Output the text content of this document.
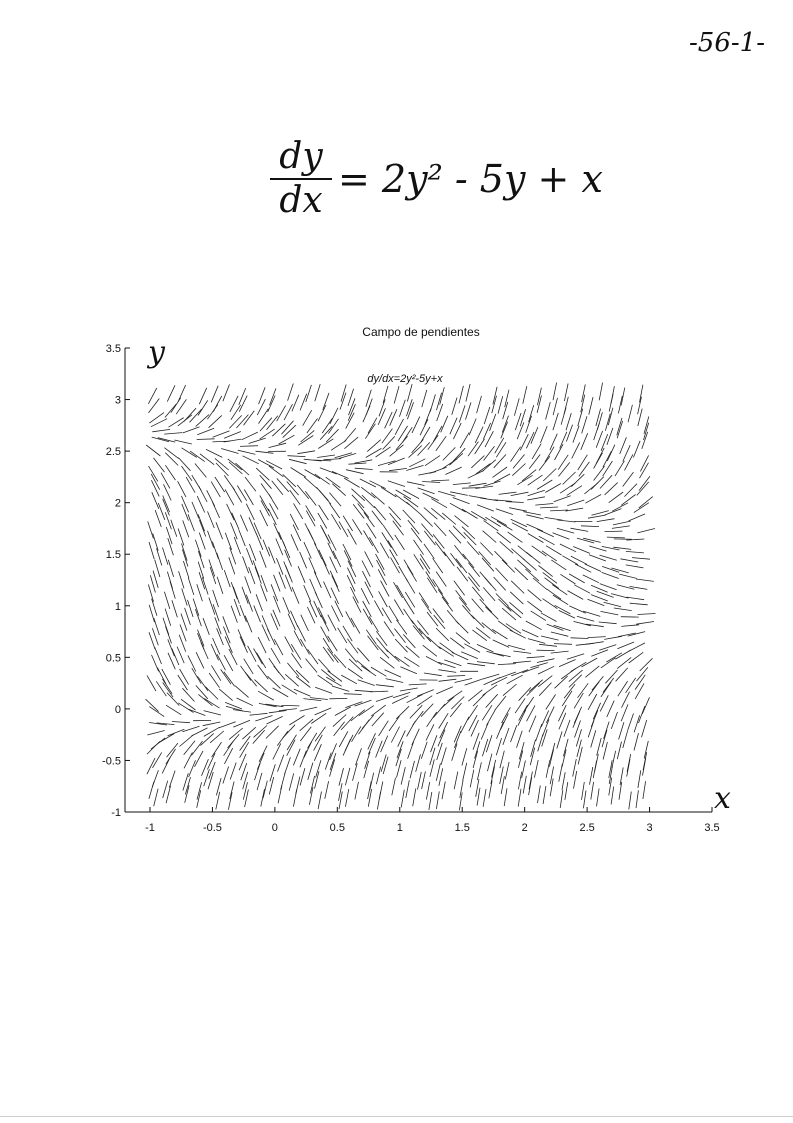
-56-1-
$\frac{dy}{dx} = 2y^2 - 5y + x$
Campo de pendientes
dy/dx=2y²-5y+x
-1	-0.5	0	0.5	1	1.5	2	2.5	3	3.5
-1
-0.5
0
0.5
1
1.5
2
2.5
3
3.5 y
x
